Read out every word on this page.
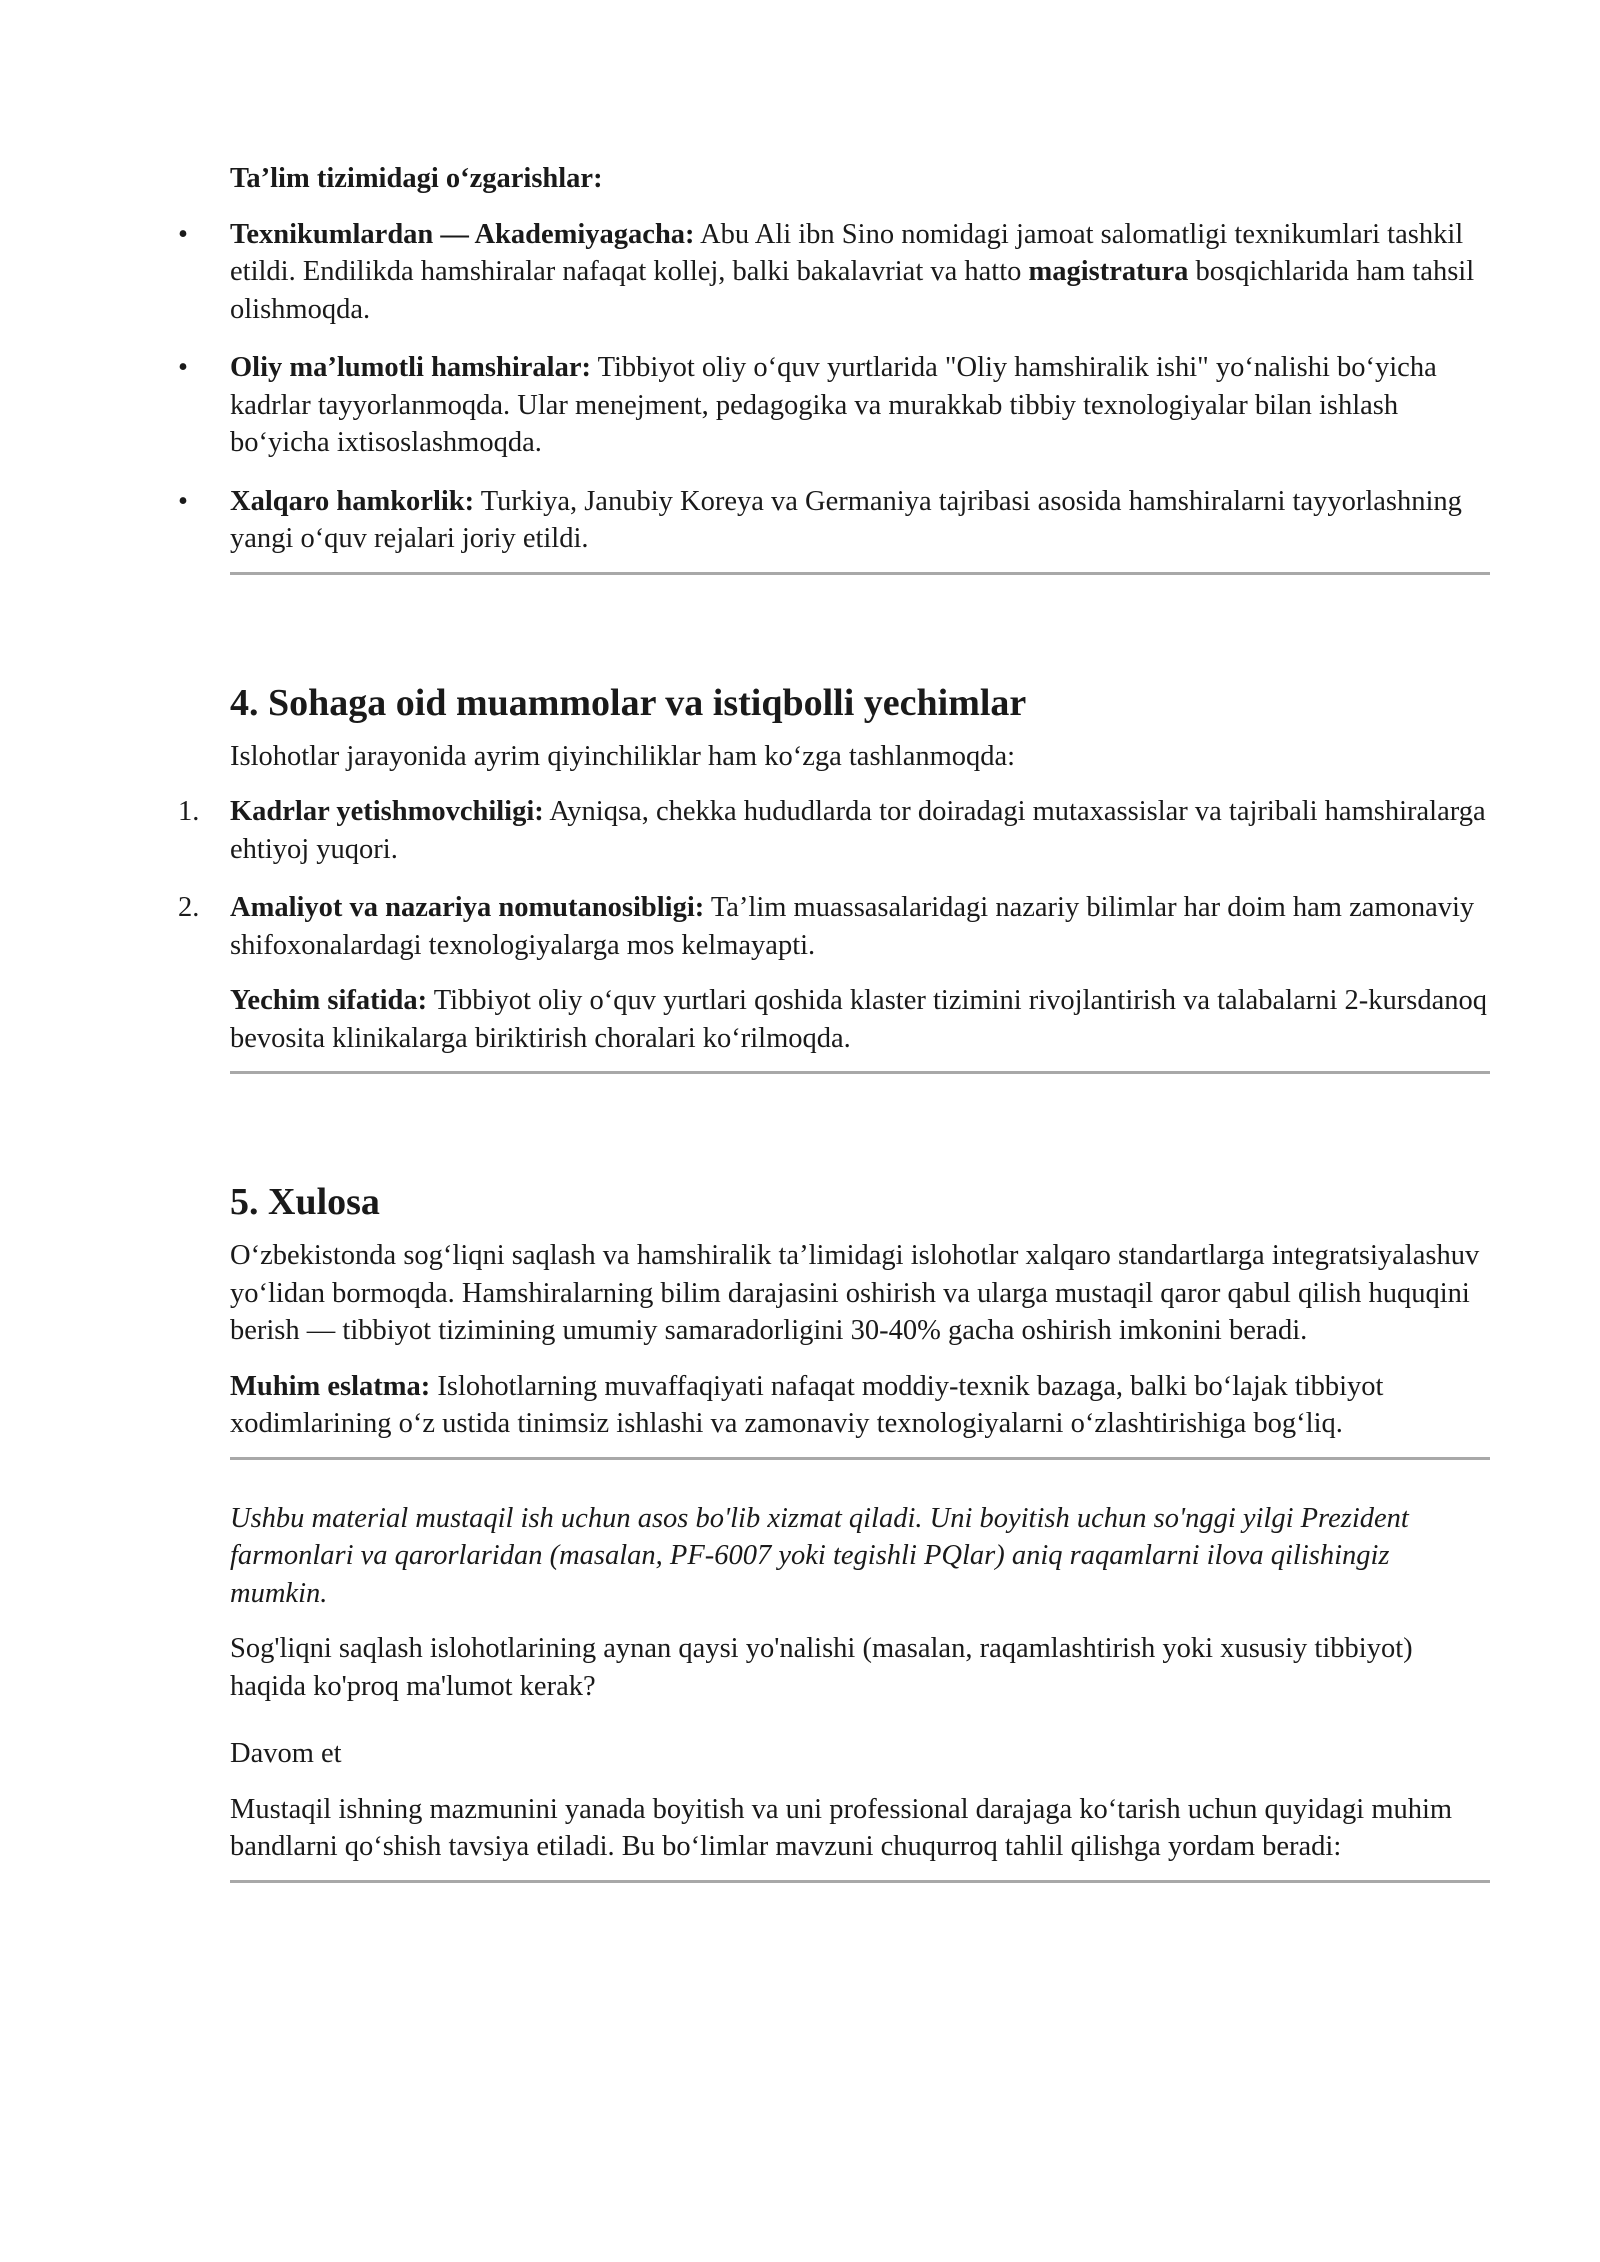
Ta’lim tizimidagi o‘zgarishlar:

• Texnikumlardan — Akademiyagacha: Abu Ali ibn Sino nomidagi jamoat salomatligi texnikumlari tashkil etildi. Endilikda hamshiralar nafaqat kollej, balki bakalavriat va hatto magistratura bosqichlarida ham tahsil olishmoqda.
• Oliy ma’lumotli hamshiralar: Tibbiyot oliy o‘quv yurtlarida "Oliy hamshiralik ishi" yo‘nalishi bo‘yicha kadrlar tayyorlanmoqda. Ular menejment, pedagogika va murakkab tibbiy texnologiyalar bilan ishlash bo‘yicha ixtisoslashmoqda.
• Xalqaro hamkorlik: Turkiya, Janubiy Koreya va Germaniya tajribasi asosida hamshiralarni tayyorlashning yangi o‘quv rejalari joriy etildi.
4. Sohaga oid muammolar va istiqbolli yechimlar

Islohotlar jarayonida ayrim qiyinchiliklar ham ko‘zga tashlanmoqda:

1. Kadrlar yetishmovchiligi: Ayniqsa, chekka hududlarda tor doiradagi mutaxassislar va tajribali hamshiralarga ehtiyoj yuqori.
2. Amaliyot va nazariya nomutanosibligi: Ta’lim muassasalaridagi nazariy bilimlar har doim ham zamonaviy shifoxonalardagi texnologiyalarga mos kelmayapti.

Yechim sifatida: Tibbiyot oliy o‘quv yurtlari qoshida klaster tizimini rivojlantirish va talabalarni 2-kursdanoq bevosita klinikalarga biriktirish choralari ko‘rilmoqda.

5. Xulosa

O‘zbekistonda sog‘liqni saqlash va hamshiralik ta’limidagi islohotlar xalqaro standartlarga integratsiyalashuv yo‘lidan bormoqda. Hamshiralarning bilim darajasini oshirish va ularga mustaqil qaror qabul qilish huquqini berish — tibbiyot tizimining umumiy samaradorligini 30-40% gacha oshirish imkonini beradi.

Muhim eslatma: Islohotlarning muvaffaqiyati nafaqat moddiy-texnik bazaga, balki bo‘lajak tibbiyot xodimlarining o‘z ustida tinimsiz ishlashi va zamonaviy texnologiyalarni o‘zlashtirishiga bog‘liq.

Ushbu material mustaqil ish uchun asos bo'lib xizmat qiladi. Uni boyitish uchun so'nggi yilgi Prezident farmonlari va qarorlaridan (masalan, PF-6007 yoki tegishli PQlar) aniq raqamlarni ilova qilishingiz mumkin.

Sog'liqni saqlash islohotlarining aynan qaysi yo'nalishi (masalan, raqamlashtirish yoki xususiy tibbiyot) haqida ko'proq ma'lumot kerak?

Davom et

Mustaqil ishning mazmunini yanada boyitish va uni professional darajaga ko‘tarish uchun quyidagi muhim bandlarni qo‘shish tavsiya etiladi. Bu bo‘limlar mavzuni chuqurroq tahlil qilishga yordam beradi:
